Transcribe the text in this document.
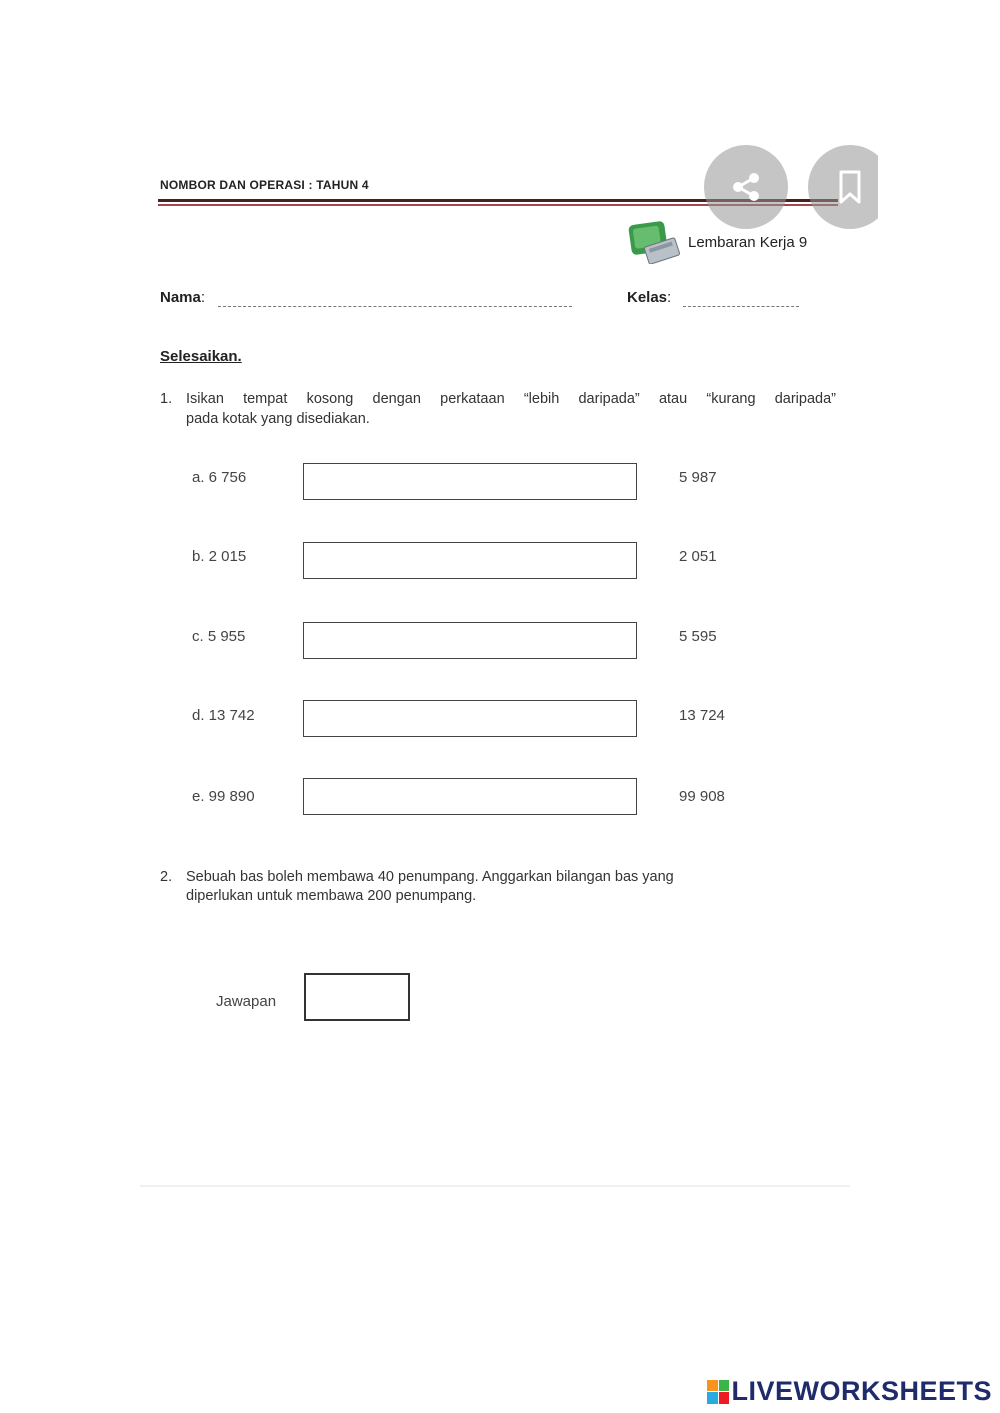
NOMBOR DAN OPERASI : TAHUN 4
Lembaran Kerja 9
Nama:	Kelas:
Selesaikan.
1. Isikan tempat kosong dengan perkataan “lebih daripada” atau “kurang daripada”
pada kotak yang disediakan.
a. 6 756	5 987
b. 2 015	2 051
c. 5 955	5 595
d. 13 742	13 724
e. 99 890	99 908
2. Sebuah bas boleh membawa 40 penumpang. Anggarkan bilangan bas yang
diperlukan untuk membawa 200 penumpang.
Jawapan
LIVEWORKSHEETS
